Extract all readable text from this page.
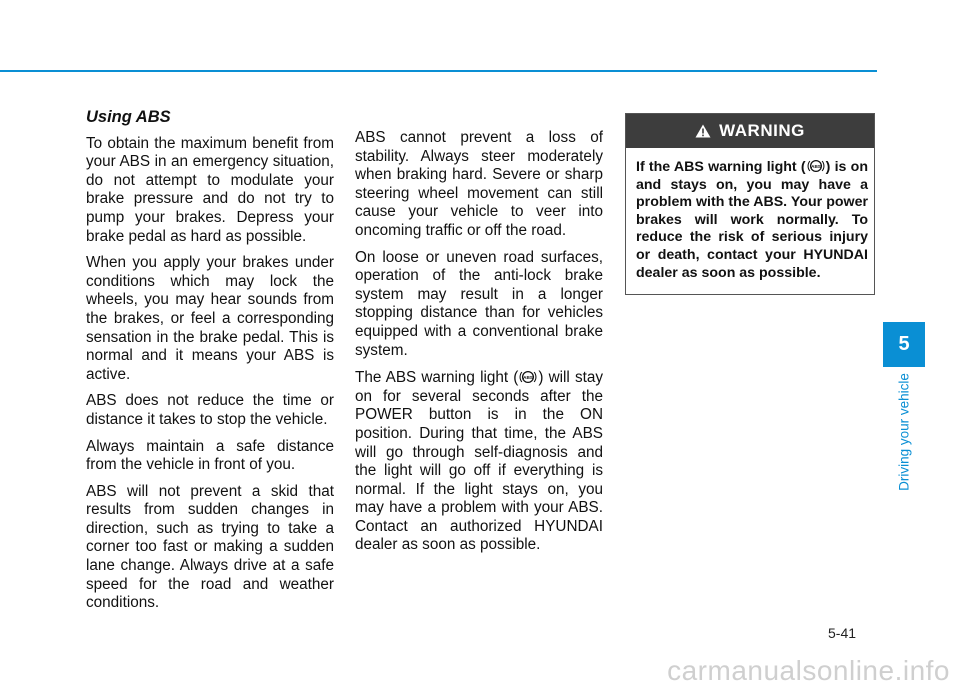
Using ABS

To obtain the maximum benefit from your ABS in an emergency situation, do not attempt to modulate your brake pressure and do not try to pump your brakes. Depress your brake pedal as hard as possible.

When you apply your brakes under conditions which may lock the wheels, you may hear sounds from the brakes, or feel a corresponding sensation in the brake pedal. This is normal and it means your ABS is active.

ABS does not reduce the time or distance it takes to stop the vehicle.

Always maintain a safe distance from the vehicle in front of you.

ABS will not prevent a skid that results from sudden changes in direction, such as trying to take a corner too fast or making a sudden lane change. Always drive at a safe speed for the road and weather conditions.

ABS cannot prevent a loss of stability. Always steer moderately when braking hard. Severe or sharp steering wheel movement can still cause your vehicle to veer into oncoming traffic or off the road.

On loose or uneven road surfaces, operation of the anti-lock brake system may result in a longer stopping distance than for vehicles equipped with a conventional brake system.

The ABS warning light ( ABS ) will stay on for several seconds after the POWER button is in the ON position. During that time, the ABS will go through self-diagnosis and the light will go off if everything is normal. If the light stays on, you may have a problem with your ABS. Contact an authorized HYUNDAI dealer as soon as possible.

WARNING
If the ABS warning light ( ABS ) is on and stays on, you may have a problem with the ABS. Your power brakes will work normally. To reduce the risk of serious injury or death, contact your HYUNDAI dealer as soon as possible.
5
Driving your vehicle
5-41
carmanualsonline.info
